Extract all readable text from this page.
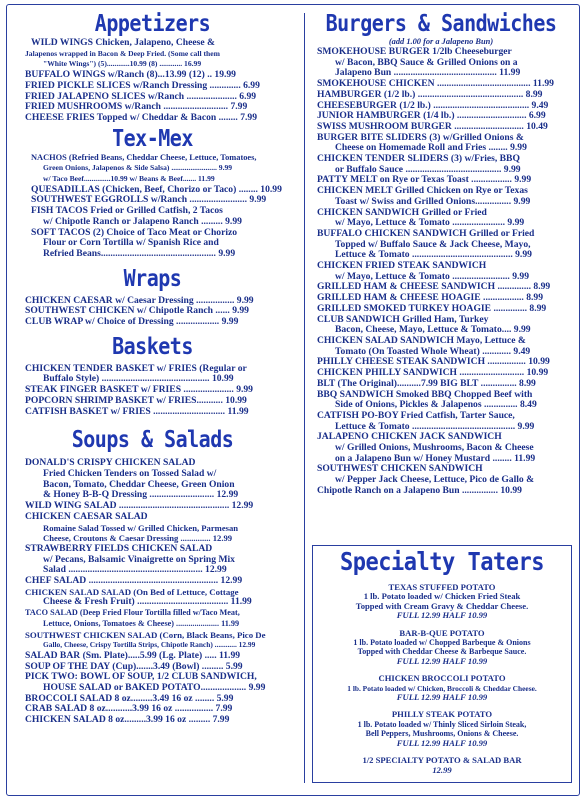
Appetizers
WILD WINGS Chicken, Jalapeno, Cheese &
Jalapenos wrapped in Bacon & Deep Fried. (Some call them
"White Wings") (5)............10.99 (8) ............ 16.99
BUFFALO WINGS w/Ranch (8)...13.99 (12) .. 19.99
FRIED PICKLE SLICES w/Ranch Dressing ............. 6.99
FRIED JALAPENO SLICES w/Ranch ..................... 6.99
FRIED MUSHROOMS w/Ranch ........................... 7.99
CHEESE FRIES Topped w/ Cheddar & Bacon ........ 7.99
Tex-Mex
NACHOS (Refried Beans, Cheddar Cheese, Lettuce, Tomatoes,
Green Onions, Jalapenos & Side Salsa) ........................ 9.99
w/ Taco Beef..............10.99 w/ Beans & Beef....... 11.99
QUESADILLAS (Chicken, Beef, Chorizo or Taco) ........ 10.99
SOUTHWEST EGGROLLS w/Ranch ........................ 9.99
FISH TACOS Fried or Grilled Catfish, 2 Tacos
w/ Chipotle Ranch or Jalapeno Ranch ......... 9.99
SOFT TACOS (2) Choice of Taco Meat or Chorizo
Flour or Corn Tortilla w/ Spanish Rice and
Refried Beans................................................ 9.99
Wraps
CHICKEN CAESAR w/ Caesar Dressing ................ 9.99
SOUTHWEST CHICKEN w/ Chipotle Ranch ...... 9.99
CLUB WRAP w/ Choice of Dressing .................. 9.99
Baskets
CHICKEN TENDER BASKET w/ FRIES (Regular or
Buffalo Style) ............................................. 10.99
STEAK FINGER BASKET w/ FRIES ..................... 9.99
POPCORN SHRIMP BASKET w/ FRIES........... 10.99
CATFISH BASKET w/ FRIES .............................. 11.99
Soups & Salads
DONALD'S CRISPY CHICKEN SALAD
Fried Chicken Tenders on Tossed Salad w/
Bacon, Tomato, Cheddar Cheese, Green Onion
& Honey B-B-Q Dressing ........................... 12.99
WILD WING SALAD .............................................. 12.99
CHICKEN CAESAR SALAD
Romaine Salad Tossed w/ Grilled Chicken, Parmesan
Cheese, Croutons & Caesar Dressing .............. 12.99
STRAWBERRY FIELDS CHICKEN SALAD
w/ Pecans, Balsamic Vinaigrette on Spring Mix
Salad ........................................................ 12.99
CHEF SALAD ...................................................... 12.99
CHICKEN SALAD SALAD (On Bed of Lettuce, Cottage
Cheese & Fresh Fruit) ...................................... 11.99
TACO SALAD (Deep Fried Flour Tortilla filled w/Taco Meat,
Lettuce, Onions, Tomatoes & Cheese) ..................... 11.99
SOUTHWEST CHICKEN SALAD (Corn, Black Beans, Pico De
Gallo, Cheese, Crispy Tortilla Strips, Chipotle Ranch) ............ 12.99
SALAD BAR (Sm. Plate).....5.99 (Lg. Plate) ..... 11.99
SOUP OF THE DAY (Cup).......3.49 (Bowl) ......... 5.99
PICK TWO: BOWL OF SOUP, 1/2 CLUB SANDWICH,
HOUSE SALAD or BAKED POTATO................... 9.99
BROCCOLI SALAD 8 oz.........3.49 16 oz ........ 5.99
CRAB SALAD 8 oz...........3.99 16 oz ................ 7.99
CHICKEN SALAD 8 oz.........3.99 16 oz ......... 7.99
Burgers & Sandwiches
(add 1.00 for a Jalapeno Bun)
SMOKEHOUSE BURGER 1/2lb Cheeseburger
w/ Bacon, BBQ Sauce & Grilled Onions on a
Jalapeno Bun ........................................... 11.99
SMOKEHOUSE CHICKEN ....................................... 11.99
HAMBURGER (1/2 lb.) ............................................ 8.99
CHEESEBURGER (1/2 lb.) ........................................ 9.49
JUNIOR HAMBURGER (1/4 lb.) ............................. 6.99
SWISS MUSHROOM BURGER ............................. 10.49
BURGER BITE SLIDERS (3) w/Grilled Onions &
Cheese on Homemade Roll and Fries ........ 9.99
CHICKEN TENDER SLIDERS (3) w/Fries, BBQ
or Buffalo Sauce ........................................ 9.99
PATTY MELT on Rye or Texas Toast ................. 9.99
CHICKEN MELT Grilled Chicken on Rye or Texas
Toast w/ Swiss and Grilled Onions............... 9.99
CHICKEN SANDWICH Grilled or Fried
w/ Mayo, Lettuce & Tomato ...................... 9.99
BUFFALO CHICKEN SANDWICH Grilled or Fried
Topped w/ Buffalo Sauce & Jack Cheese, Mayo,
Lettuce & Tomato .......................................... 9.99
CHICKEN FRIED STEAK SANDWICH
w/ Mayo, Lettuce & Tomato ........................ 9.99
GRILLED HAM & CHEESE SANDWICH .............. 8.99
GRILLED HAM & CHEESE HOAGIE ................. 8.99
GRILLED SMOKED TURKEY HOAGIE .............. 8.99
CLUB SANDWICH Grilled Ham, Turkey
Bacon, Cheese, Mayo, Lettuce & Tomato.... 9.99
CHICKEN SALAD SANDWICH Mayo, Lettuce &
Tomato (On Toasted Whole Wheat) ............ 9.49
PHILLY CHEESE STEAK SANDWICH ................ 10.99
CHICKEN PHILLY SANDWICH ........................... 10.99
BLT (The Original)..........7.99 BIG BLT ............... 8.99
BBQ SANDWICH Smoked BBQ Chopped Beef with
Side of Onions, Pickles & Jalapenos .............. 8.49
CATFISH PO-BOY Fried Catfish, Tarter Sauce,
Lettuce & Tomato ........................................... 9.99
JALAPENO CHICKEN JACK SANDWICH
w/ Grilled Onions, Mushrooms, Bacon & Cheese
on a Jalapeno Bun w/ Honey Mustard ........ 11.99
SOUTHWEST CHICKEN SANDWICH
w/ Pepper Jack Cheese, Lettuce, Pico de Gallo &
Chipotle Ranch on a Jalapeno Bun ............... 10.99
Specialty Taters
TEXAS STUFFED POTATO
1 lb. Potato loaded w/ Chicken Fried Steak
Topped with Cream Gravy & Cheddar Cheese.
FULL 12.99 HALF 10.99
BAR-B-QUE POTATO
1 lb. Potato loaded w/ Chopped Barbeque & Onions
Topped with Cheddar Cheese & Barbeque Sauce.
FULL 12.99 HALF 10.99
CHICKEN BROCCOLI POTATO
1 lb. Potato loaded w/ Chicken, Broccoli & Cheddar Cheese.
FULL 12.99 HALF 10.99
PHILLY STEAK POTATO
1 lb. Potato loaded w/ Thinly Sliced Sirloin Steak,
Bell Peppers, Mushrooms, Onions & Cheese.
FULL 12.99 HALF 10.99
1/2 SPECIALTY POTATO & SALAD BAR
12.99
